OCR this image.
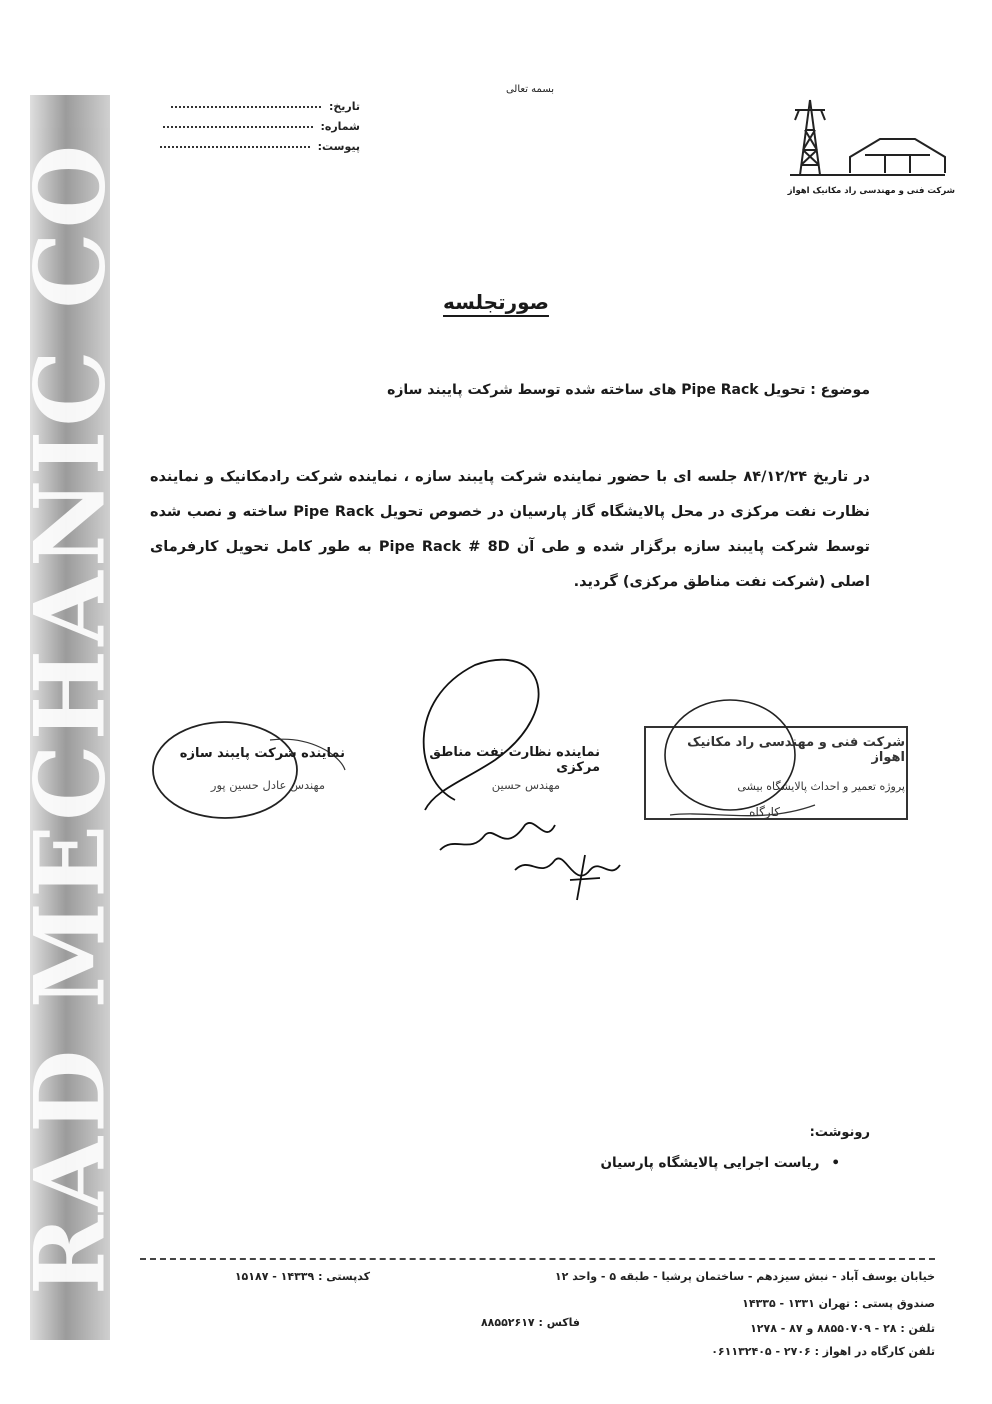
RAD MECHANIC CO
بسمه تعالی
تاریخ:
شماره:
پیوست:
شرکت فنی و مهندسی راد مکانیک اهواز
صورتجلسه
موضوع : تحویل Pipe Rack های ساخته شده توسط شرکت پایبند سازه
در تاریخ ۸۴/۱۲/۲۴ جلسه ای با حضور نماینده شرکت پایبند سازه ، نماینده شرکت رادمکانیک و نماینده نظارت نفت مرکزی در محل پالایشگاه گاز پارسیان در خصوص تحویل Pipe Rack ساخته و نصب شده توسط شرکت پایبند سازه برگزار شده و طی آن Pipe Rack # 8D به طور کامل تحویل کارفرمای اصلی (شرکت نفت مناطق مرکزی) گردید.
شرکت فنی و مهندسی راد مکانیک اهواز
پروژه تعمیر و احداث پالایشگاه بیشی
کارگاه
نماینده نظارت نفت مناطق مرکزی
مهندس حسین
نماینده شرکت پایبند سازه
مهندس عادل حسین پور
رونوشت:
• ریاست اجرایی پالایشگاه پارسیان
خیابان یوسف آباد - نبش سیزدهم - ساختمان پرشیا - طبقه ۵ - واحد ۱۲
کدپستی : ۱۴۳۳۹ - ۱۵۱۸۷
صندوق پستی : تهران ۱۳۳۱ - ۱۴۳۳۵
تلفن : ۲۸ - ۸۸۵۵۰۷۰۹ و ۸۷ - ۱۲۷۸
فاکس : ۸۸۵۵۲۶۱۷
تلفن کارگاه در اهواز : ۲۷۰۶ - ۰۶۱۱۳۲۴۰۵
